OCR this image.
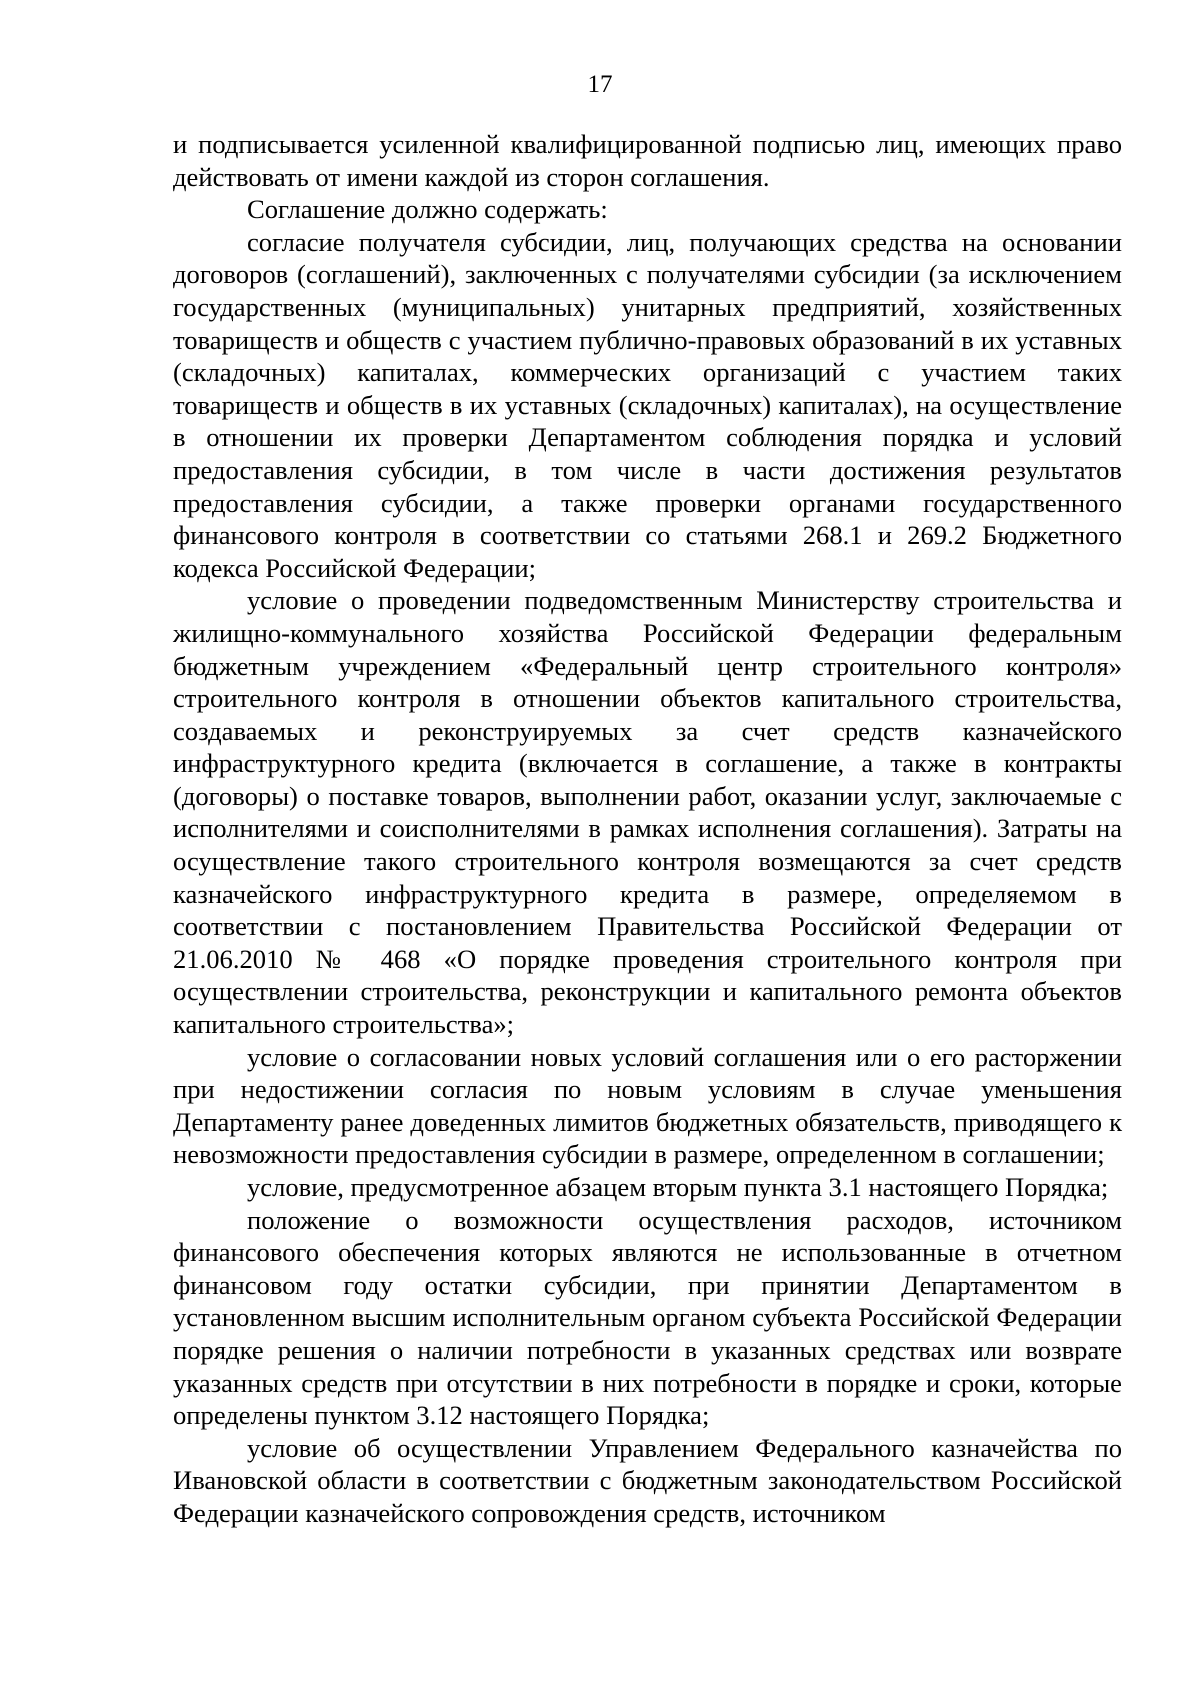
17

и подписывается усиленной квалифицированной подписью лиц, имеющих право действовать от имени каждой из сторон соглашения.

Соглашение должно содержать:

согласие получателя субсидии, лиц, получающих средства на основании договоров (соглашений), заключенных с получателями субсидии (за исключением государственных (муниципальных) унитарных предприятий, хозяйственных товариществ и обществ с участием публично-правовых образований в их уставных (складочных) капиталах, коммерческих организаций с участием таких товариществ и обществ в их уставных (складочных) капиталах), на осуществление в отношении их проверки Департаментом соблюдения порядка и условий предоставления субсидии, в том числе в части достижения результатов предоставления субсидии, а также проверки органами государственного финансового контроля в соответствии со статьями 268.1 и 269.2 Бюджетного кодекса Российской Федерации;

условие о проведении подведомственным Министерству строительства и жилищно-коммунального хозяйства Российской Федерации федеральным бюджетным учреждением «Федеральный центр строительного контроля» строительного контроля в отношении объектов капитального строительства, создаваемых и реконструируемых за счет средств казначейского инфраструктурного кредита (включается в соглашение, а также в контракты (договоры) о поставке товаров, выполнении работ, оказании услуг, заключаемые с исполнителями и соисполнителями в рамках исполнения соглашения). Затраты на осуществление такого строительного контроля возмещаются за счет средств казначейского инфраструктурного кредита в размере, определяемом в соответствии с постановлением Правительства Российской Федерации от 21.06.2010 № 468 «О порядке проведения строительного контроля при осуществлении строительства, реконструкции и капитального ремонта объектов капитального строительства»;

условие о согласовании новых условий соглашения или о его расторжении при недостижении согласия по новым условиям в случае уменьшения Департаменту ранее доведенных лимитов бюджетных обязательств, приводящего к невозможности предоставления субсидии в размере, определенном в соглашении;

условие, предусмотренное абзацем вторым пункта 3.1 настоящего Порядка;

положение о возможности осуществления расходов, источником финансового обеспечения которых являются не использованные в отчетном финансовом году остатки субсидии, при принятии Департаментом в установленном высшим исполнительным органом субъекта Российской Федерации порядке решения о наличии потребности в указанных средствах или возврате указанных средств при отсутствии в них потребности в порядке и сроки, которые определены пунктом 3.12 настоящего Порядка;

условие об осуществлении Управлением Федерального казначейства по Ивановской области в соответствии с бюджетным законодательством Российской Федерации казначейского сопровождения средств, источником
